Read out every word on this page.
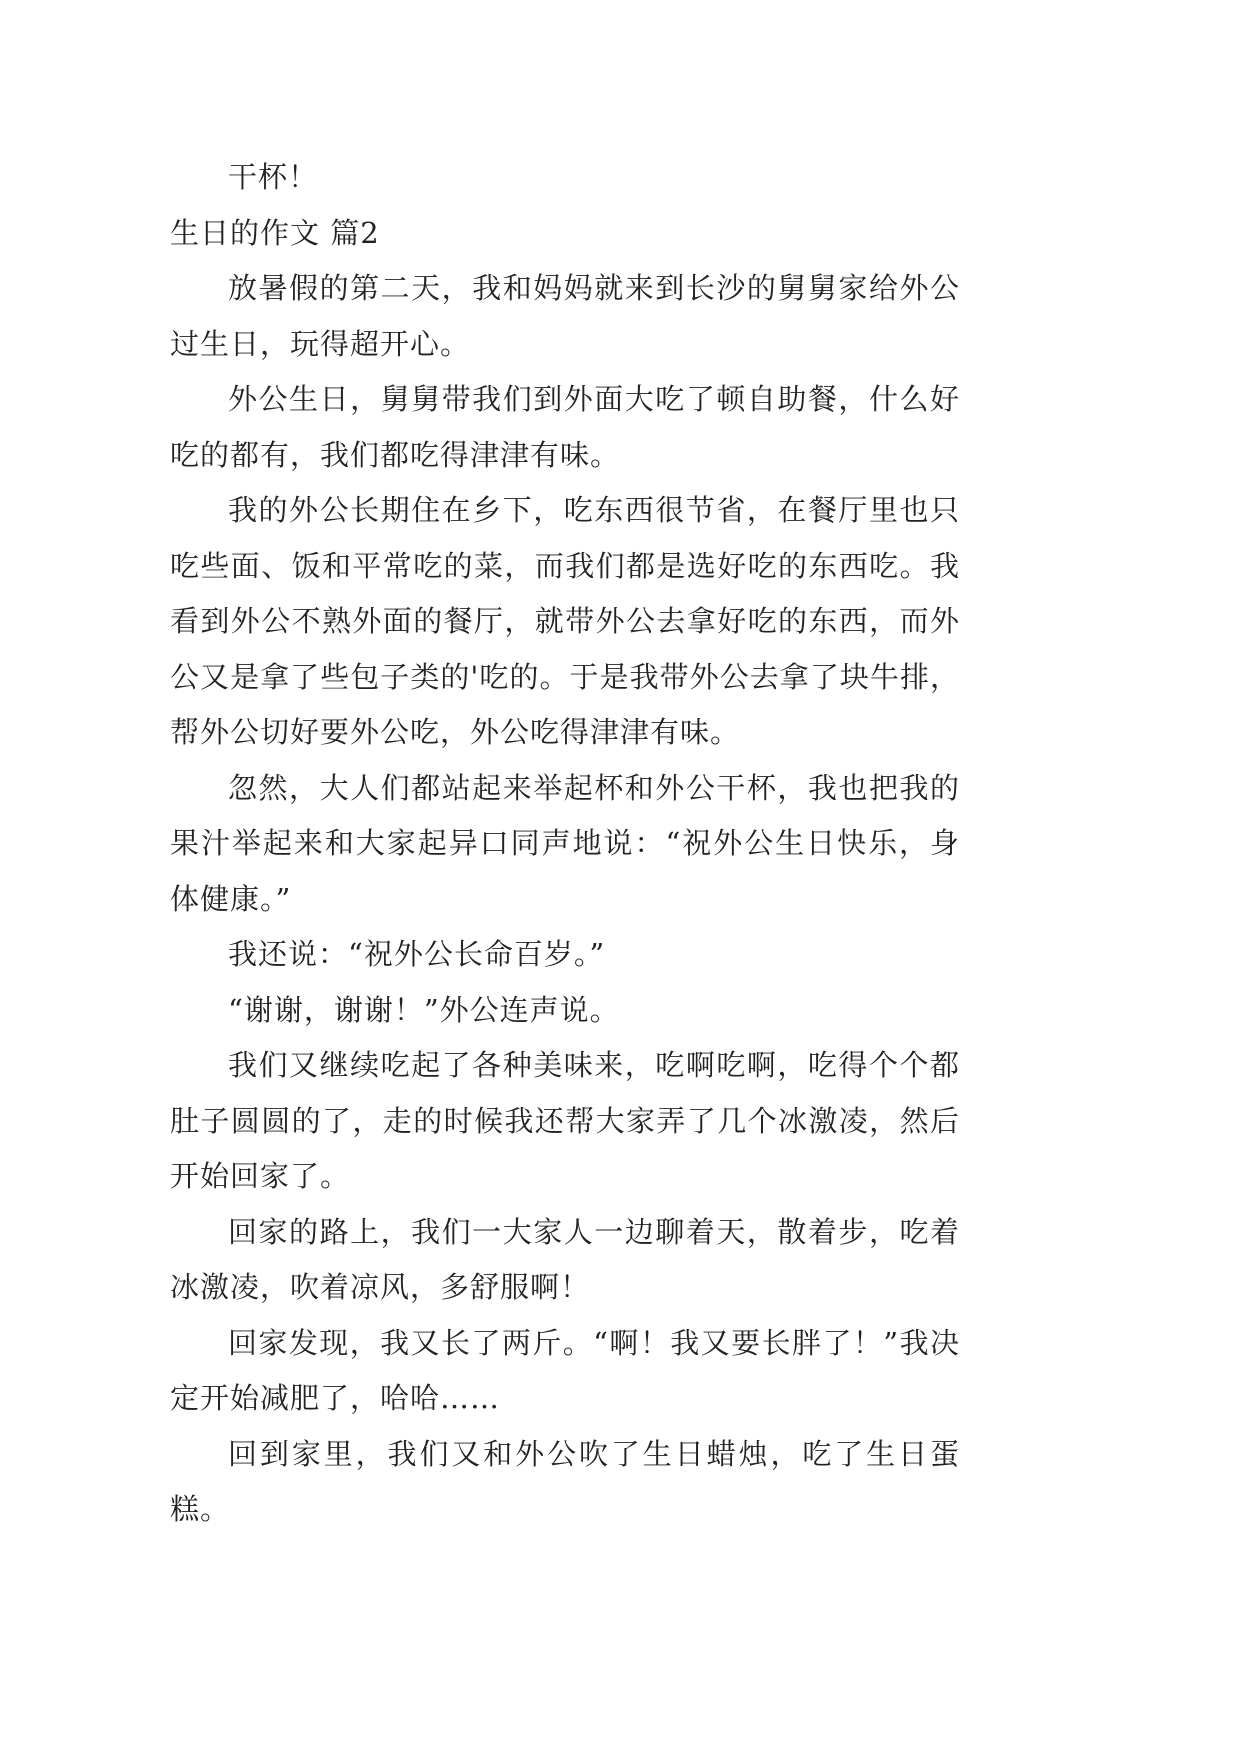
干杯！

生日的作文 篇2

放暑假的第二天，我和妈妈就来到长沙的舅舅家给外公过生日，玩得超开心。

外公生日，舅舅带我们到外面大吃了顿自助餐，什么好吃的都有，我们都吃得津津有味。

我的外公长期住在乡下，吃东西很节省，在餐厅里也只吃些面、饭和平常吃的菜，而我们都是选好吃的东西吃。我看到外公不熟外面的餐厅，就带外公去拿好吃的东西，而外公又是拿了些包子类的'吃的。于是我带外公去拿了块牛排，帮外公切好要外公吃，外公吃得津津有味。

忽然，大人们都站起来举起杯和外公干杯，我也把我的果汁举起来和大家起异口同声地说：“祝外公生日快乐，身体健康。”

我还说：“祝外公长命百岁。”

“谢谢，谢谢！”外公连声说。

我们又继续吃起了各种美味来，吃啊吃啊，吃得个个都肚子圆圆的了，走的时候我还帮大家弄了几个冰激凌，然后开始回家了。

回家的路上，我们一大家人一边聊着天，散着步，吃着冰激凌，吹着凉风，多舒服啊！

回家发现，我又长了两斤。“啊！我又要长胖了！”我决定开始减肥了，哈哈……

回到家里，我们又和外公吹了生日蜡烛，吃了生日蛋糕。
